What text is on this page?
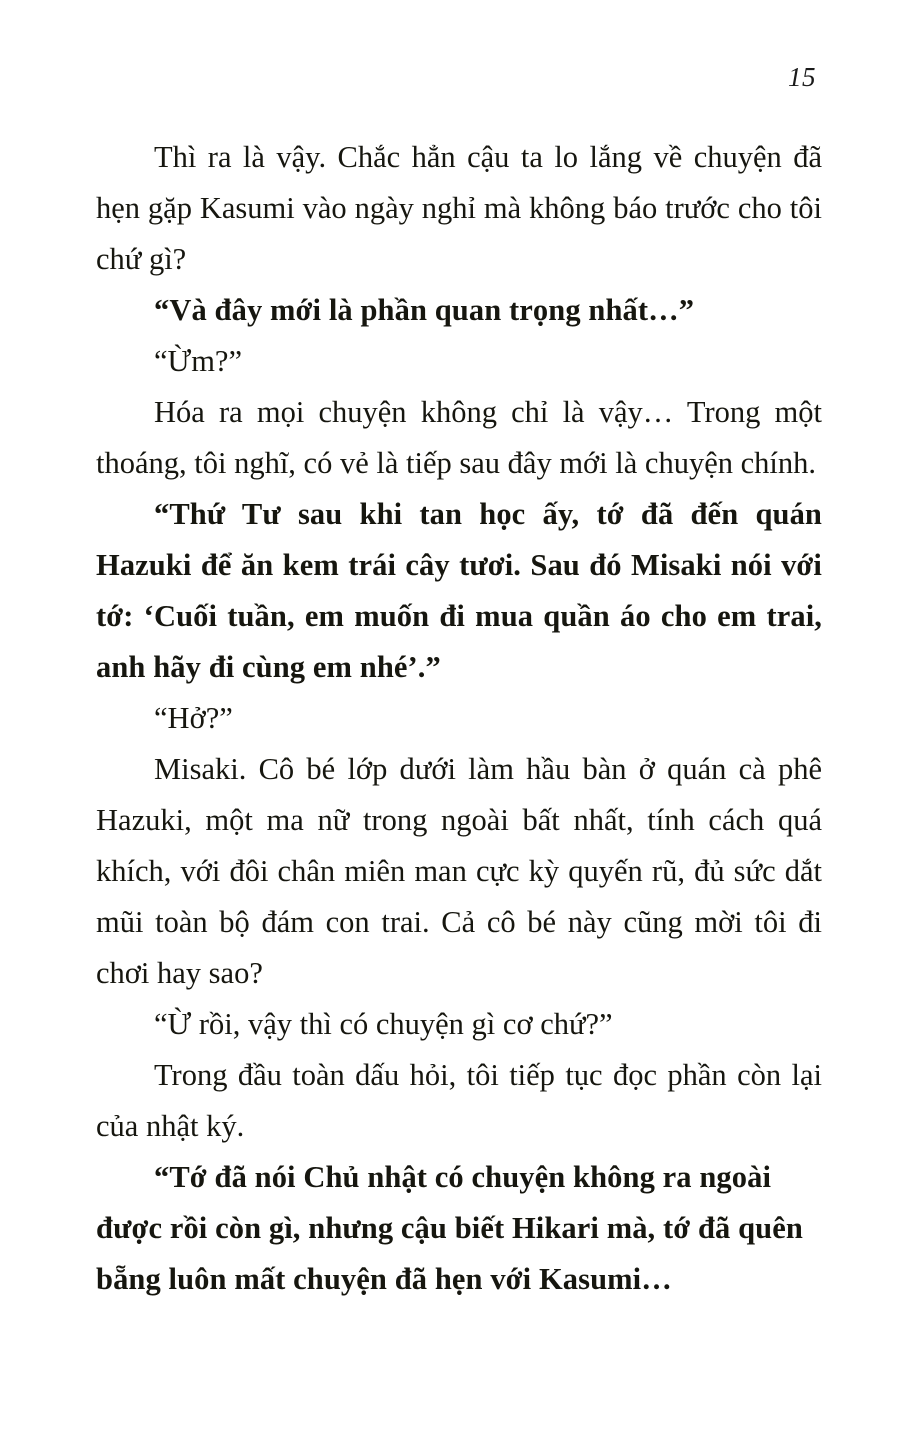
15

Thì ra là vậy. Chắc hẳn cậu ta lo lắng về chuyện đã hẹn gặp Kasumi vào ngày nghỉ mà không báo trước cho tôi chứ gì?

“Và đây mới là phần quan trọng nhất…”

“Ừm?”

Hóa ra mọi chuyện không chỉ là vậy… Trong một thoáng, tôi nghĩ, có vẻ là tiếp sau đây mới là chuyện chính.

“Thứ Tư sau khi tan học ấy, tớ đã đến quán Hazuki để ăn kem trái cây tươi. Sau đó Misaki nói với tớ: ‘Cuối tuần, em muốn đi mua quần áo cho em trai, anh hãy đi cùng em nhé’.”

“Hở?”

Misaki. Cô bé lớp dưới làm hầu bàn ở quán cà phê Hazuki, một ma nữ trong ngoài bất nhất, tính cách quá khích, với đôi chân miên man cực kỳ quyến rũ, đủ sức dắt mũi toàn bộ đám con trai. Cả cô bé này cũng mời tôi đi chơi hay sao?

“Ừ rồi, vậy thì có chuyện gì cơ chứ?”

Trong đầu toàn dấu hỏi, tôi tiếp tục đọc phần còn lại của nhật ký.

“Tớ đã nói Chủ nhật có chuyện không ra ngoài được rồi còn gì, nhưng cậu biết Hikari mà, tớ đã quên bẵng luôn mất chuyện đã hẹn với Kasumi…
